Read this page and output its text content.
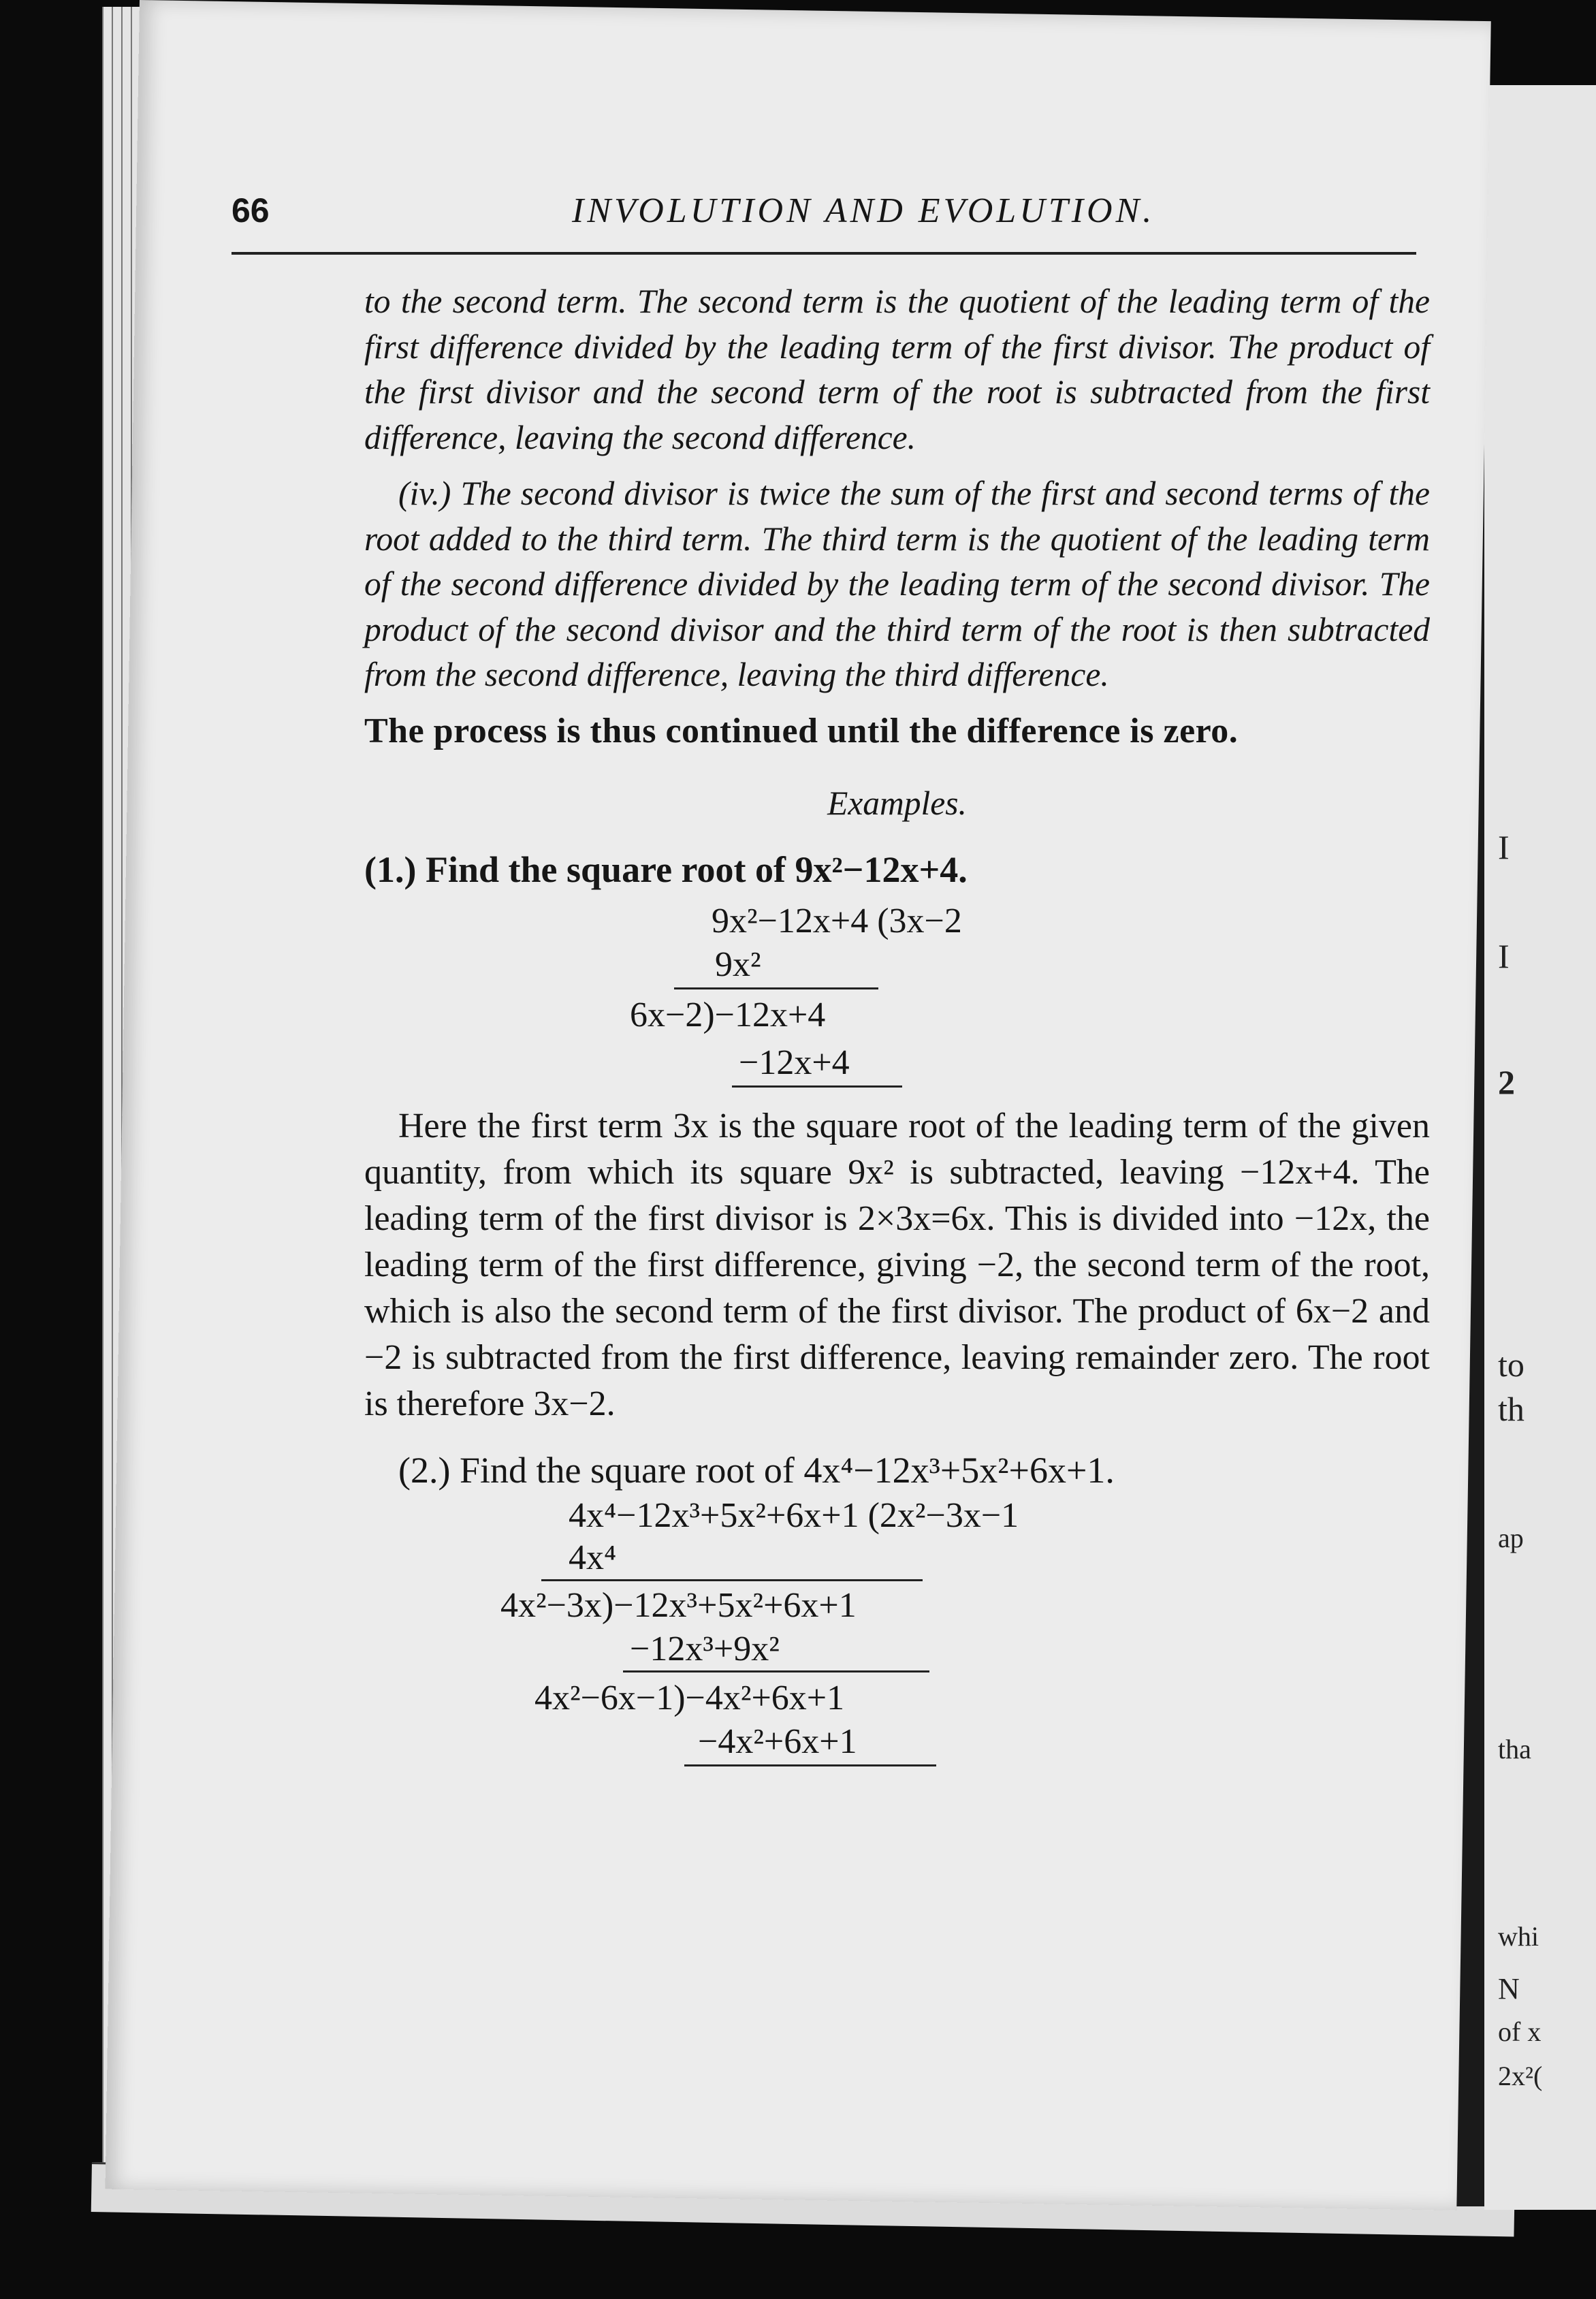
I
I
2
to
th
ap
tha
whi
N
of x
2x²(
66	INVOLUTION AND EVOLUTION.

to the second term. The second term is the quotient of the leading term of the first difference divided by the leading term of the first divisor. The product of the first divisor and the second term of the root is subtracted from the first difference, leaving the second difference.

(iv.) The second divisor is twice the sum of the first and second terms of the root added to the third term. The third term is the quotient of the leading term of the second difference divided by the leading term of the second divisor. The product of the second divisor and the third term of the root is then subtracted from the second difference, leaving the third difference.

The process is thus continued until the difference is zero.

Examples.

(1.) Find the square root of 9x²−12x+4.

9x²−12x+4 (3x−2
9x²
6x−2)−12x+4
−12x+4

Here the first term 3x is the square root of the leading term of the given quantity, from which its square 9x² is subtracted, leaving −12x+4. The leading term of the first divisor is 2×3x=6x. This is divided into −12x, the leading term of the first difference, giving −2, the second term of the root, which is also the second term of the first divisor. The product of 6x−2 and −2 is subtracted from the first difference, leaving remainder zero. The root is therefore 3x−2.

(2.) Find the square root of 4x⁴−12x³+5x²+6x+1.

4x⁴−12x³+5x²+6x+1 (2x²−3x−1
4x⁴
4x²−3x)−12x³+5x²+6x+1
−12x³+9x²
4x²−6x−1)−4x²+6x+1
−4x²+6x+1
